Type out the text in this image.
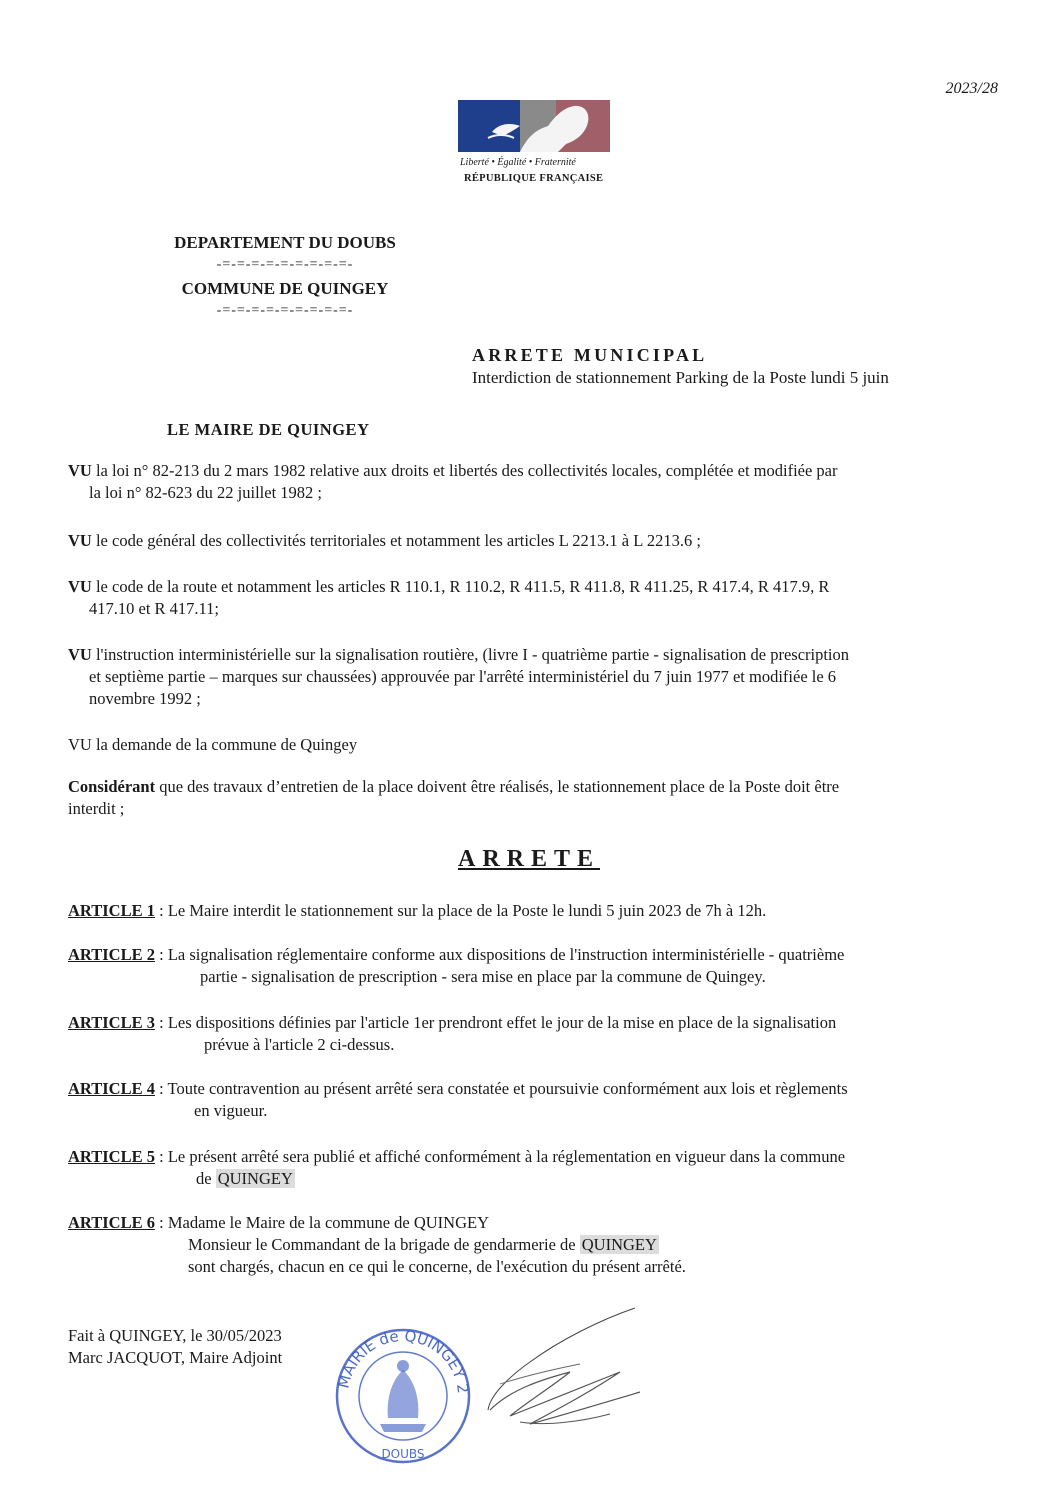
2023/28
Liberté • Égalité • Fraternité
RÉPUBLIQUE FRANÇAISE
DEPARTEMENT DU DOUBS
-=-=-=-=-=-=-=-=-=-
COMMUNE DE QUINGEY
-=-=-=-=-=-=-=-=-=-
ARRETE MUNICIPAL
Interdiction de stationnement Parking de la Poste lundi 5 juin
LE MAIRE DE QUINGEY
VU la loi n° 82-213 du 2 mars 1982 relative aux droits et libertés des collectivités locales, complétée et modifiée par
la loi n° 82-623 du 22 juillet 1982 ;
VU le code général des collectivités territoriales et notamment les articles L 2213.1 à L 2213.6 ;
VU le code de la route et notamment les articles R 110.1, R 110.2, R 411.5, R 411.8, R 411.25, R 417.4, R 417.9, R
417.10 et R 417.11;
VU l'instruction interministérielle sur la signalisation routière, (livre I - quatrième partie - signalisation de prescription
et septième partie – marques sur chaussées) approuvée par l'arrêté interministériel du 7 juin 1977 et modifiée le 6
novembre 1992 ;
VU la demande de la commune de Quingey
Considérant que des travaux d’entretien de la place doivent être réalisés, le stationnement place de la Poste doit être
interdit ;
ARRETE
ARTICLE 1 : Le Maire interdit le stationnement sur la place de la Poste le lundi 5 juin 2023 de 7h à 12h.
ARTICLE 2 : La signalisation réglementaire conforme aux dispositions de l'instruction interministérielle - quatrième
partie - signalisation de prescription - sera mise en place par la commune de Quingey.
ARTICLE 3 : Les dispositions définies par l'article 1er prendront effet le jour de la mise en place de la signalisation
prévue à l'article 2 ci-dessus.
ARTICLE 4 : Toute contravention au présent arrêté sera constatée et poursuivie conformément aux lois et règlements
en vigueur.
ARTICLE 5 : Le présent arrêté sera publié et affiché conformément à la réglementation en vigueur dans la commune
de QUINGEY
ARTICLE 6 : Madame le Maire de la commune de QUINGEY
Monsieur le Commandant de la brigade de gendarmerie de QUINGEY
sont chargés, chacun en ce qui le concerne, de l'exécution du présent arrêté.
Fait à QUINGEY, le 30/05/2023
Marc JACQUOT, Maire Adjoint
MAIRIE de QUINGEY 2
DOUBS
